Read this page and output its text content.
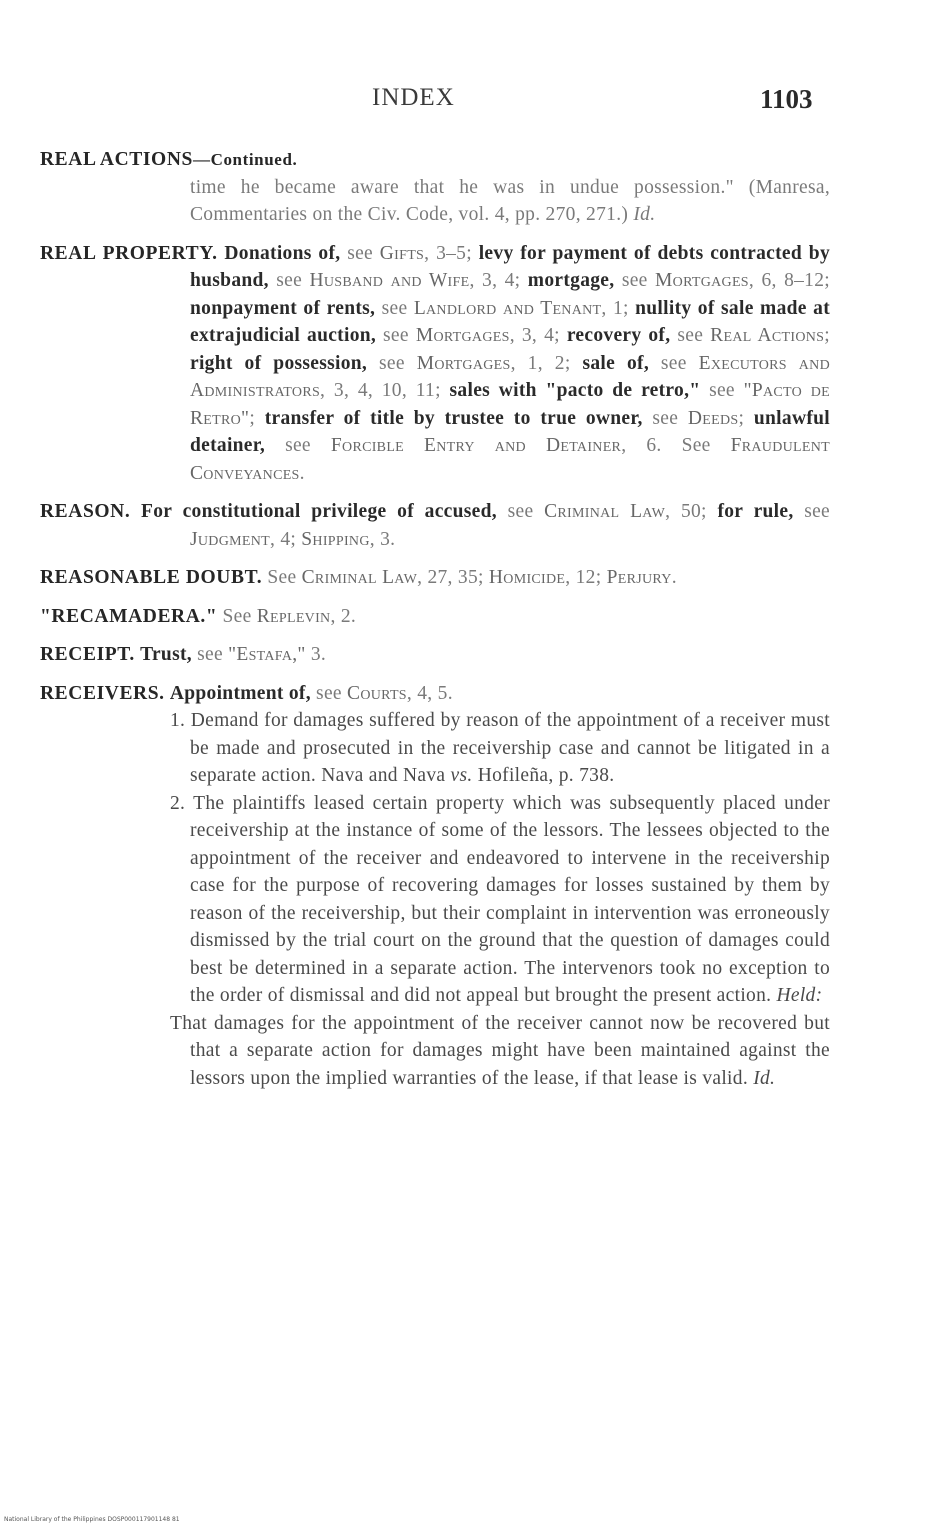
INDEX	1103
REAL ACTIONS—Continued.
time he became aware that he was in undue possession." (Manresa, Commentaries on the Civ. Code, vol. 4, pp. 270, 271.) Id.
REAL PROPERTY. Donations of, see Gifts, 3–5; levy for payment of debts contracted by husband, see Husband and Wife, 3, 4; mortgage, see Mortgages, 6, 8–12; nonpayment of rents, see Landlord and Tenant, 1; nullity of sale made at extrajudicial auction, see Mortgages, 3, 4; recovery of, see Real Actions; right of possession, see Mortgages, 1, 2; sale of, see Executors and Administrators, 3, 4, 10, 11; sales with "pacto de retro," see "Pacto de Retro"; transfer of title by trustee to true owner, see Deeds; unlawful detainer, see Forcible Entry and Detainer, 6. See Fraudulent Conveyances.
REASON. For constitutional privilege of accused, see Criminal Law, 50; for rule, see Judgment, 4; Shipping, 3.
REASONABLE DOUBT. See Criminal Law, 27, 35; Homicide, 12; Perjury.
"RECAMADERA." See Replevin, 2.
RECEIPT. Trust, see "Estafa," 3.
RECEIVERS. Appointment of, see Courts, 4, 5.
1. Demand for damages suffered by reason of the appointment of a receiver must be made and prosecuted in the receivership case and cannot be litigated in a separate action. Nava and Nava vs. Hofileña, p. 738.
2. The plaintiffs leased certain property which was subsequently placed under receivership at the instance of some of the lessors. The lessees objected to the appointment of the receiver and endeavored to intervene in the receivership case for the purpose of recovering damages for losses sustained by them by reason of the receivership, but their complaint in intervention was erroneously dismissed by the trial court on the ground that the question of damages could best be determined in a separate action. The intervenors took no exception to the order of dismissal and did not appeal but brought the present action. Held:
That damages for the appointment of the receiver cannot now be recovered but that a separate action for damages might have been maintained against the lessors upon the implied warranties of the lease, if that lease is valid. Id.
National Library of the Philippines DOSP000117901148 81
